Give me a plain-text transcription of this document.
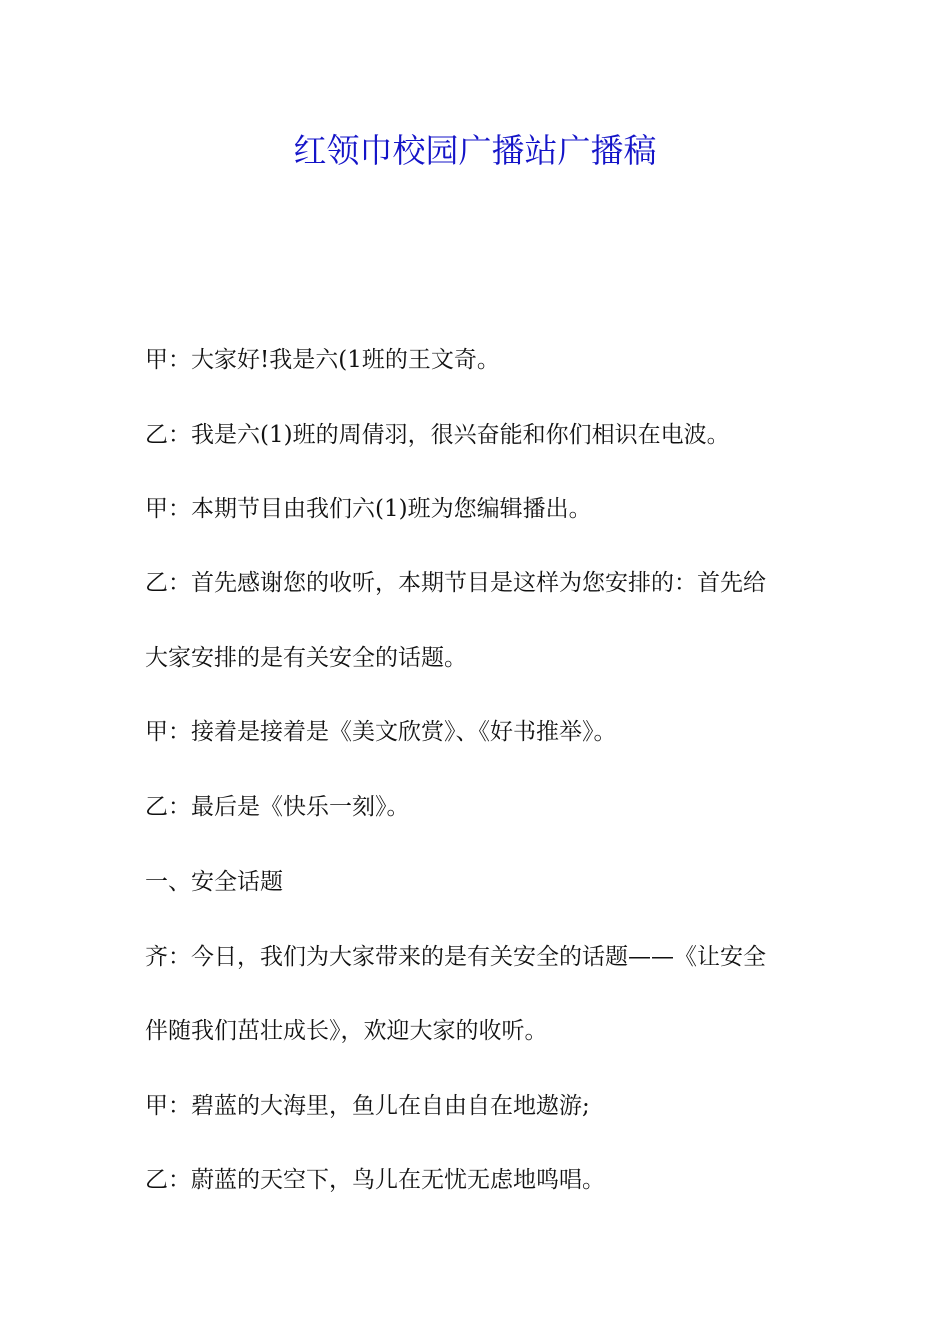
红领巾校园广播站广播稿

甲：大家好!我是六(1班的王文奇。

乙：我是六(1)班的周倩羽，很兴奋能和你们相识在电波。

甲：本期节目由我们六(1)班为您编辑播出。

乙：首先感谢您的收听，本期节目是这样为您安排的：首先给

大家安排的是有关安全的话题。

甲：接着是接着是《美文欣赏》、《好书推举》。

乙：最后是《快乐一刻》。

一、安全话题

齐：今日，我们为大家带来的是有关安全的话题——《让安全

伴随我们茁壮成长》，欢迎大家的收听。

甲：碧蓝的大海里，鱼儿在自由自在地遨游;

乙：蔚蓝的天空下，鸟儿在无忧无虑地鸣唱。
